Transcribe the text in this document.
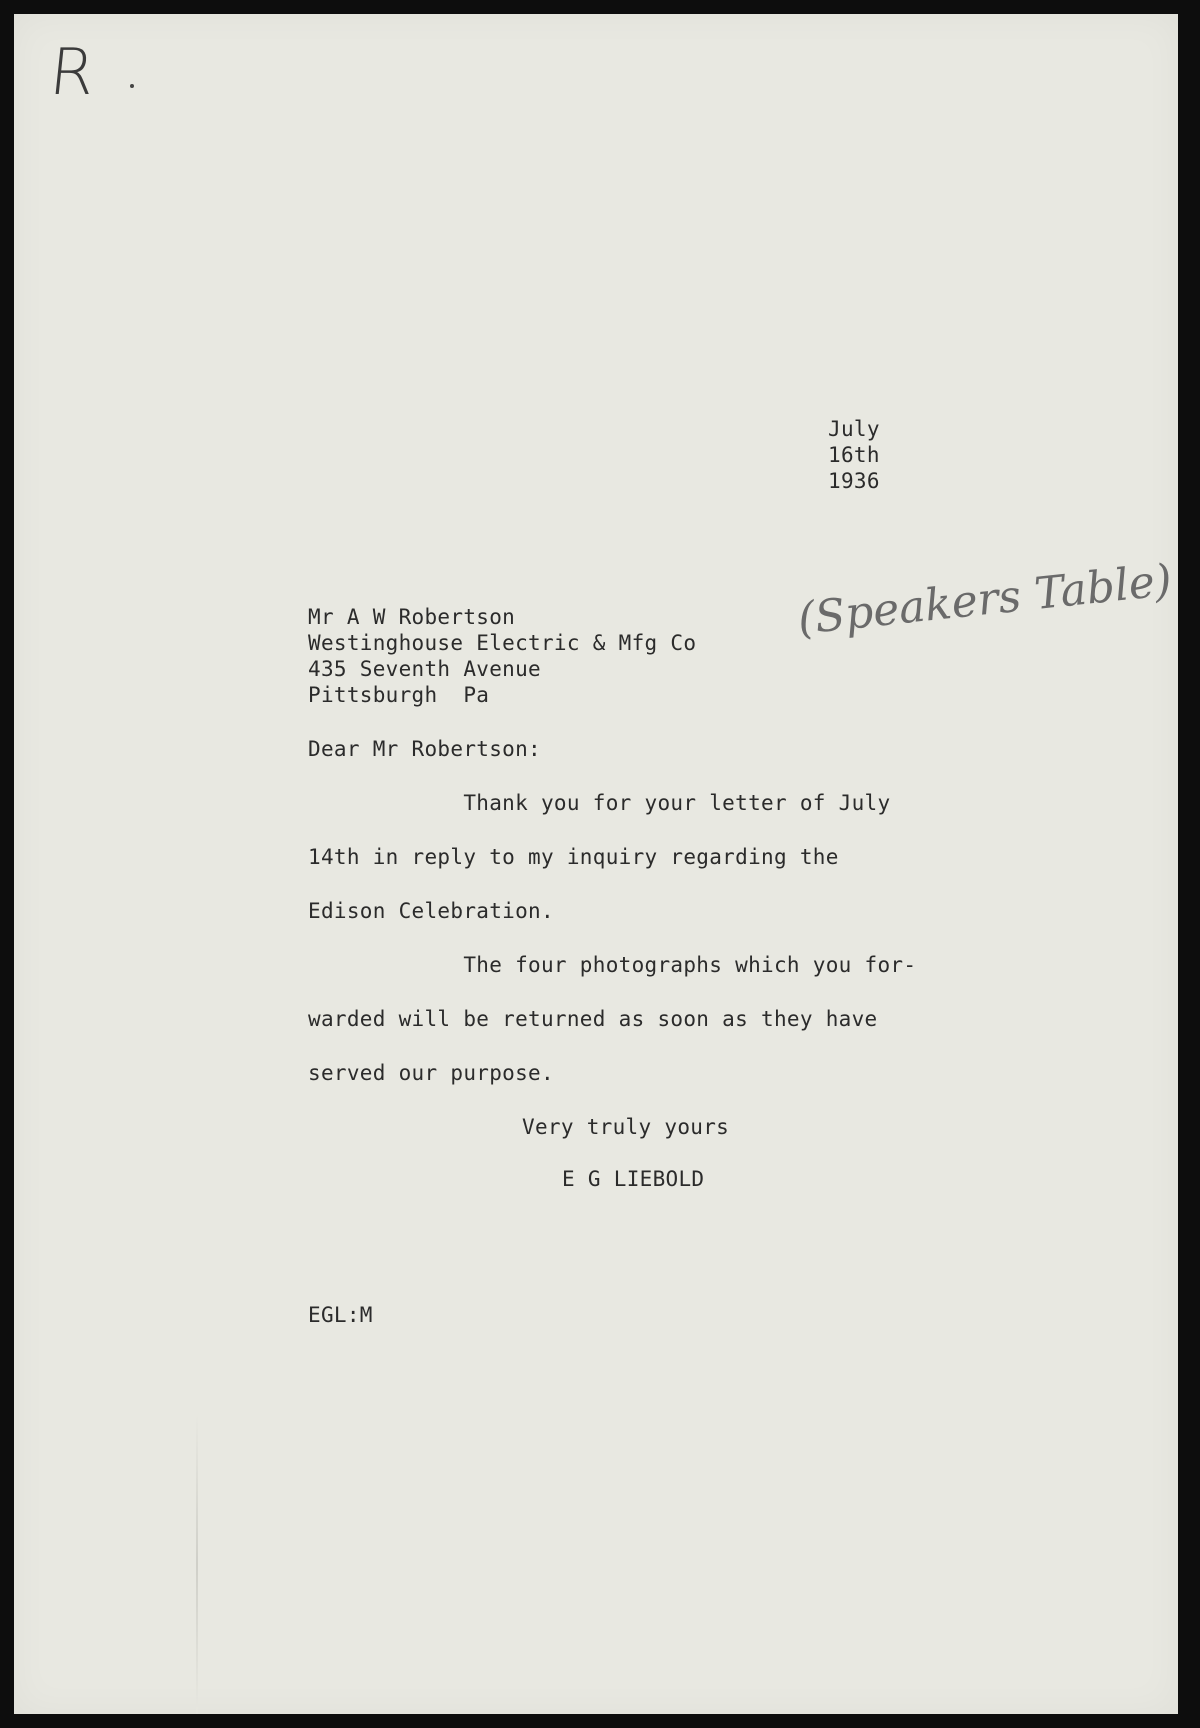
R
July
16th
1936
Mr A W Robertson
Westinghouse Electric & Mfg Co
435 Seventh Avenue
Pittsburgh  Pa
(Speakers Table)
Dear Mr Robertson:
Thank you for your letter of July
14th in reply to my inquiry regarding the
Edison Celebration.
The four photographs which you for-
warded will be returned as soon as they have
served our purpose.
Very truly yours
E G LIEBOLD
EGL:M
